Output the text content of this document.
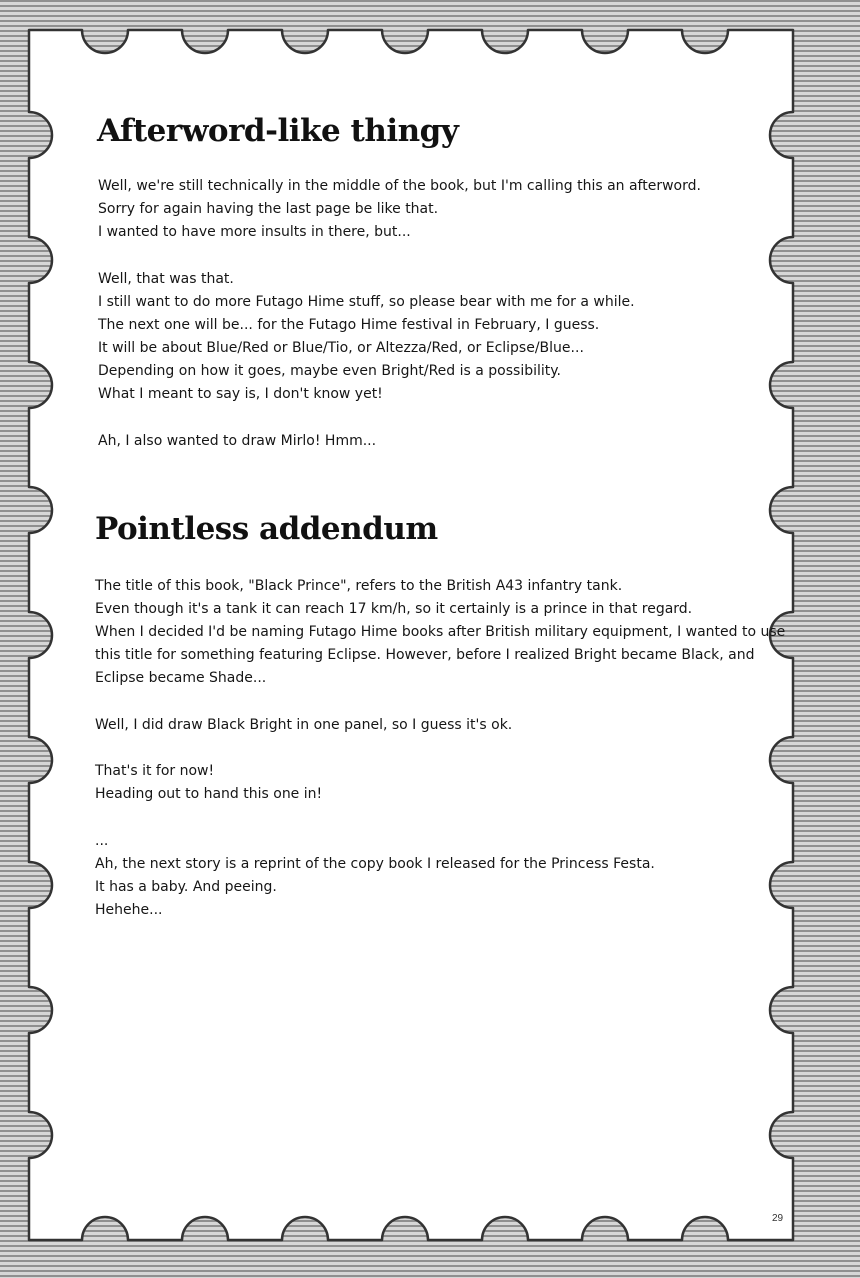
Afterword-like thingy
Well, we're still technically in the middle of the book, but I'm calling this an afterword.
Sorry for again having the last page be like that.
I wanted to have more insults in there, but...
Well, that was that.
I still want to do more Futago Hime stuff, so please bear with me for a while.
The next one will be... for the Futago Hime festival in February, I guess.
It will be about Blue/Red or Blue/Tio, or Altezza/Red, or Eclipse/Blue...
Depending on how it goes, maybe even Bright/Red is a possibility.
What I meant to say is, I don't know yet!
Ah, I also wanted to draw Mirlo! Hmm...
Pointless addendum
The title of this book, "Black Prince", refers to the British A43 infantry tank.
Even though it's a tank it can reach 17 km/h, so it certainly is a prince in that regard.
When I decided I'd be naming Futago Hime books after British military equipment, I wanted to use
this title for something featuring Eclipse. However, before I realized Bright became Black, and
Eclipse became Shade...
Well, I did draw Black Bright in one panel, so I guess it's ok.
That's it for now!
Heading out to hand this one in!
...
Ah, the next story is a reprint of the copy book I released for the Princess Festa.
It has a baby. And peeing.
Hehehe...
29
